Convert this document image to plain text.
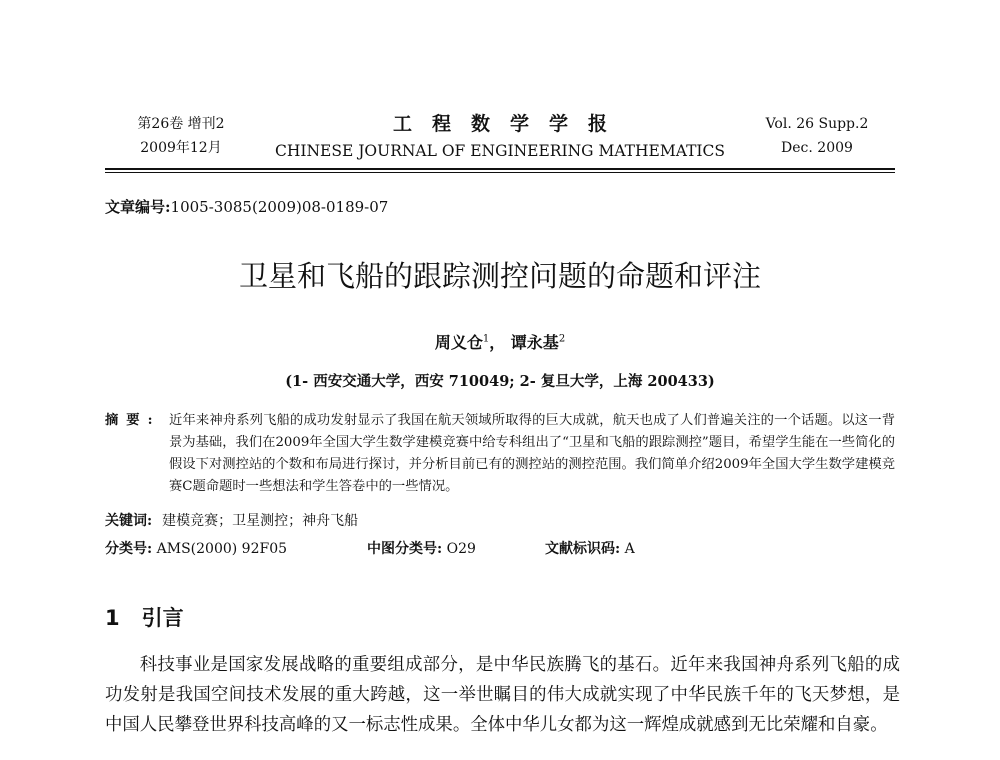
第26卷 增刊2
2009年12月
工程数学学报
CHINESE JOURNAL OF ENGINEERING MATHEMATICS
Vol. 26 Supp.2
Dec. 2009
文章编号:1005-3085(2009)08-0189-07
卫星和飞船的跟踪测控问题的命题和评注
周义仓$^1$， 谭永基$^2$
(1- 西安交通大学，西安 710049; 2- 复旦大学，上海 200433)
摘要: 近年来神舟系列飞船的成功发射显示了我国在航天领域所取得的巨大成就，航天也成了人们普遍关注的一个话题。以这一背景为基础，我们在2009年全国大学生数学建模竞赛中给专科组出了“卫星和飞船的跟踪测控”题目，希望学生能在一些简化的假设下对测控站的个数和布局进行探讨，并分析目前已有的测控站的测控范围。我们简单介绍2009年全国大学生数学建模竞赛C题命题时一些想法和学生答卷中的一些情况。
关键词: 建模竞赛；卫星测控；神舟飞船
分类号: AMS(2000) 92F05	中图分类号: O29	文献标识码: A
1 引言

科技事业是国家发展战略的重要组成部分，是中华民族腾飞的基石。近年来我国神舟系列飞船的成功发射是我国空间技术发展的重大跨越，这一举世瞩目的伟大成就实现了中华民族千年的飞天梦想，是中国人民攀登世界科技高峰的又一标志性成果。全体中华儿女都为这一辉煌成就感到无比荣耀和自豪。
